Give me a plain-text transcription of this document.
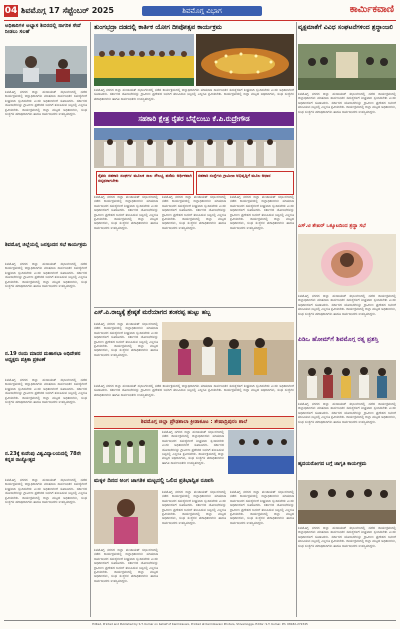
04 ಶಿವಮೊಗ್ಗ 17 ಸೆಪ್ಟೆಂಬರ್ 2025	ಶಿವಮೊಗ್ಗ ವಿಭಾಗ	ಕಾರ್ಮಿಕವಾಣಿ
ಅಧಿಕಾರಿಗಳ ಅಭ್ಯಾಸ ಶಿಬಿರದಲ್ಲಿ ನಾಗರಿಕ ಸೇವೆ ನೀಡಲು ಸಲಹೆ
ಶಿವಮೊಗ್ಗ ನಗರದ ಜಿಲ್ಲಾ ಪಂಚಾಯತ್ ಸಭಾಂಗಣದಲ್ಲಿ ನಡೆದ ಕಾರ್ಯಕ್ರಮದಲ್ಲಿ ಜಿಲ್ಲಾಧಿಕಾರಿಗಳು ಮಾತನಾಡಿ ಸಾರ್ವಜನಿಕರ ಸಮಸ್ಯೆಗಳಿಗೆ ಶೀಘ್ರವಾಗಿ ಸ್ಪಂದಿಸಬೇಕು ಎಂದು ಅಧಿಕಾರಿಗಳಿಗೆ ಸೂಚಿಸಿದರು. ಸರ್ಕಾರದ ಯೋಜನೆಗಳನ್ನು ಗ್ರಾಮೀಣ ಪ್ರದೇಶದ ಜನರಿಗೆ ತಲುಪಿಸುವ ನಿಟ್ಟಿನಲ್ಲಿ ಎಲ್ಲರೂ ಶ್ರಮಿಸಬೇಕು. ಕಾರ್ಯಕ್ರಮದಲ್ಲಿ ಜಿಲ್ಲಾ ಮಟ್ಟದ ಅಧಿಕಾರಿಗಳು, ಸಂಘ ಸಂಸ್ಥೆಗಳ ಪದಾಧಿಕಾರಿಗಳು ಹಾಗೂ ಸಾರ್ವಜನಿಕರು ಉಪಸ್ಥಿತರಿದ್ದರು.
ಶಿವಮೊಗ್ಗ ಜಿಲ್ಲೆಯಲ್ಲಿ ಜನಸ್ಪಂದನ ಸಭೆ ಕಾರ್ಯಕ್ರಮ
ಶಿವಮೊಗ್ಗ ನಗರದ ಜಿಲ್ಲಾ ಪಂಚಾಯತ್ ಸಭಾಂಗಣದಲ್ಲಿ ನಡೆದ ಕಾರ್ಯಕ್ರಮದಲ್ಲಿ ಜಿಲ್ಲಾಧಿಕಾರಿಗಳು ಮಾತನಾಡಿ ಸಾರ್ವಜನಿಕರ ಸಮಸ್ಯೆಗಳಿಗೆ ಶೀಘ್ರವಾಗಿ ಸ್ಪಂದಿಸಬೇಕು ಎಂದು ಅಧಿಕಾರಿಗಳಿಗೆ ಸೂಚಿಸಿದರು. ಸರ್ಕಾರದ ಯೋಜನೆಗಳನ್ನು ಗ್ರಾಮೀಣ ಪ್ರದೇಶದ ಜನರಿಗೆ ತಲುಪಿಸುವ ನಿಟ್ಟಿನಲ್ಲಿ ಎಲ್ಲರೂ ಶ್ರಮಿಸಬೇಕು. ಕಾರ್ಯಕ್ರಮದಲ್ಲಿ ಜಿಲ್ಲಾ ಮಟ್ಟದ ಅಧಿಕಾರಿಗಳು, ಸಂಘ ಸಂಸ್ಥೆಗಳ ಪದಾಧಿಕಾರಿಗಳು ಹಾಗೂ ಸಾರ್ವಜನಿಕರು ಉಪಸ್ಥಿತರಿದ್ದರು.
ನ.19 ರಂದು ಮಾದರ ಮಹಾಸಭಾ ಅಧಿವೇಶನ ಅಧ್ಯಕ್ಷರು ಪತ್ರಿಕಾ ಪ್ರಕಟಣೆ
ಶಿವಮೊಗ್ಗ ನಗರದ ಜಿಲ್ಲಾ ಪಂಚಾಯತ್ ಸಭಾಂಗಣದಲ್ಲಿ ನಡೆದ ಕಾರ್ಯಕ್ರಮದಲ್ಲಿ ಜಿಲ್ಲಾಧಿಕಾರಿಗಳು ಮಾತನಾಡಿ ಸಾರ್ವಜನಿಕರ ಸಮಸ್ಯೆಗಳಿಗೆ ಶೀಘ್ರವಾಗಿ ಸ್ಪಂದಿಸಬೇಕು ಎಂದು ಅಧಿಕಾರಿಗಳಿಗೆ ಸೂಚಿಸಿದರು. ಸರ್ಕಾರದ ಯೋಜನೆಗಳನ್ನು ಗ್ರಾಮೀಣ ಪ್ರದೇಶದ ಜನರಿಗೆ ತಲುಪಿಸುವ ನಿಟ್ಟಿನಲ್ಲಿ ಎಲ್ಲರೂ ಶ್ರಮಿಸಬೇಕು. ಕಾರ್ಯಕ್ರಮದಲ್ಲಿ ಜಿಲ್ಲಾ ಮಟ್ಟದ ಅಧಿಕಾರಿಗಳು, ಸಂಘ ಸಂಸ್ಥೆಗಳ ಪದಾಧಿಕಾರಿಗಳು ಹಾಗೂ ಸಾರ್ವಜನಿಕರು ಉಪಸ್ಥಿತರಿದ್ದರು.
ನ.23ಕ್ಕೆ ಕುವೆಂಪು ವಿಶ್ವವಿದ್ಯಾಲಯದಲ್ಲಿ 78ನೇ ಕನ್ನಡ ರಾಜ್ಯೋತ್ಸವ
ಶಿವಮೊಗ್ಗ ನಗರದ ಜಿಲ್ಲಾ ಪಂಚಾಯತ್ ಸಭಾಂಗಣದಲ್ಲಿ ನಡೆದ ಕಾರ್ಯಕ್ರಮದಲ್ಲಿ ಜಿಲ್ಲಾಧಿಕಾರಿಗಳು ಮಾತನಾಡಿ ಸಾರ್ವಜನಿಕರ ಸಮಸ್ಯೆಗಳಿಗೆ ಶೀಘ್ರವಾಗಿ ಸ್ಪಂದಿಸಬೇಕು ಎಂದು ಅಧಿಕಾರಿಗಳಿಗೆ ಸೂಚಿಸಿದರು. ಸರ್ಕಾರದ ಯೋಜನೆಗಳನ್ನು ಗ್ರಾಮೀಣ ಪ್ರದೇಶದ ಜನರಿಗೆ ತಲುಪಿಸುವ ನಿಟ್ಟಿನಲ್ಲಿ ಎಲ್ಲರೂ ಶ್ರಮಿಸಬೇಕು. ಕಾರ್ಯಕ್ರಮದಲ್ಲಿ ಜಿಲ್ಲಾ ಮಟ್ಟದ ಅಧಿಕಾರಿಗಳು, ಸಂಘ ಸಂಸ್ಥೆಗಳ ಪದಾಧಿಕಾರಿಗಳು ಹಾಗೂ ಸಾರ್ವಜನಿಕರು ಉಪಸ್ಥಿತರಿದ್ದರು.
ತುಂಗಭದ್ರಾ ದಡದಲ್ಲಿ ಕಾರ್ತಿಕ ಯೋಗ ದೀಪೋತ್ಸವ ಕಾರ್ಯಕ್ರಮ
ಶಿವಮೊಗ್ಗ ನಗರದ ಜಿಲ್ಲಾ ಪಂಚಾಯತ್ ಸಭಾಂಗಣದಲ್ಲಿ ನಡೆದ ಕಾರ್ಯಕ್ರಮದಲ್ಲಿ ಜಿಲ್ಲಾಧಿಕಾರಿಗಳು ಮಾತನಾಡಿ ಸಾರ್ವಜನಿಕರ ಸಮಸ್ಯೆಗಳಿಗೆ ಶೀಘ್ರವಾಗಿ ಸ್ಪಂದಿಸಬೇಕು ಎಂದು ಅಧಿಕಾರಿಗಳಿಗೆ ಸೂಚಿಸಿದರು. ಸರ್ಕಾರದ ಯೋಜನೆಗಳನ್ನು ಗ್ರಾಮೀಣ ಪ್ರದೇಶದ ಜನರಿಗೆ ತಲುಪಿಸುವ ನಿಟ್ಟಿನಲ್ಲಿ ಎಲ್ಲರೂ ಶ್ರಮಿಸಬೇಕು. ಕಾರ್ಯಕ್ರಮದಲ್ಲಿ ಜಿಲ್ಲಾ ಮಟ್ಟದ ಅಧಿಕಾರಿಗಳು, ಸಂಘ ಸಂಸ್ಥೆಗಳ ಪದಾಧಿಕಾರಿಗಳು ಹಾಗೂ ಸಾರ್ವಜನಿಕರು ಉಪಸ್ಥಿತರಿದ್ದರು.
ವೃಕ್ಷಮಾತೆಗೆ ವಿವಿಧ ಸಂಘಟನೆಗಳಿಂದ ಶ್ರದ್ಧಾಂಜಲಿ
ಶಿವಮೊಗ್ಗ ನಗರದ ಜಿಲ್ಲಾ ಪಂಚಾಯತ್ ಸಭಾಂಗಣದಲ್ಲಿ ನಡೆದ ಕಾರ್ಯಕ್ರಮದಲ್ಲಿ ಜಿಲ್ಲಾಧಿಕಾರಿಗಳು ಮಾತನಾಡಿ ಸಾರ್ವಜನಿಕರ ಸಮಸ್ಯೆಗಳಿಗೆ ಶೀಘ್ರವಾಗಿ ಸ್ಪಂದಿಸಬೇಕು ಎಂದು ಅಧಿಕಾರಿಗಳಿಗೆ ಸೂಚಿಸಿದರು. ಸರ್ಕಾರದ ಯೋಜನೆಗಳನ್ನು ಗ್ರಾಮೀಣ ಪ್ರದೇಶದ ಜನರಿಗೆ ತಲುಪಿಸುವ ನಿಟ್ಟಿನಲ್ಲಿ ಎಲ್ಲರೂ ಶ್ರಮಿಸಬೇಕು. ಕಾರ್ಯಕ್ರಮದಲ್ಲಿ ಜಿಲ್ಲಾ ಮಟ್ಟದ ಅಧಿಕಾರಿಗಳು, ಸಂಘ ಸಂಸ್ಥೆಗಳ ಪದಾಧಿಕಾರಿಗಳು ಹಾಗೂ ಸಾರ್ವಜನಿಕರು ಉಪಸ್ಥಿತರಿದ್ದರು.
ಸಹಕಾರಿ ಕ್ಷೇತ್ರ ರೈತರ ಬೆನ್ನೆಲುಬು ಕೆ.ಪಿ.ರುದ್ರೇಗೌಡ
ರೈತರು ಸಹಕಾರಿ ಸಂಘಗಳ ಮೂಲಕ ಸಾಲ ಸೌಲಭ್ಯ ಪಡೆದು ಆರ್ಥಿಕವಾಗಿ ಸದೃಢರಾಗಬೇಕು
ಸಹಕಾರಿ ಸಂಸ್ಥೆಗಳು ಗ್ರಾಮೀಣ ಅಭಿವೃದ್ಧಿಗೆ ಮೂಲ ಆಧಾರ
ಶಿವಮೊಗ್ಗ ನಗರದ ಜಿಲ್ಲಾ ಪಂಚಾಯತ್ ಸಭಾಂಗಣದಲ್ಲಿ ನಡೆದ ಕಾರ್ಯಕ್ರಮದಲ್ಲಿ ಜಿಲ್ಲಾಧಿಕಾರಿಗಳು ಮಾತನಾಡಿ ಸಾರ್ವಜನಿಕರ ಸಮಸ್ಯೆಗಳಿಗೆ ಶೀಘ್ರವಾಗಿ ಸ್ಪಂದಿಸಬೇಕು ಎಂದು ಅಧಿಕಾರಿಗಳಿಗೆ ಸೂಚಿಸಿದರು. ಸರ್ಕಾರದ ಯೋಜನೆಗಳನ್ನು ಗ್ರಾಮೀಣ ಪ್ರದೇಶದ ಜನರಿಗೆ ತಲುಪಿಸುವ ನಿಟ್ಟಿನಲ್ಲಿ ಎಲ್ಲರೂ ಶ್ರಮಿಸಬೇಕು. ಕಾರ್ಯಕ್ರಮದಲ್ಲಿ ಜಿಲ್ಲಾ ಮಟ್ಟದ ಅಧಿಕಾರಿಗಳು, ಸಂಘ ಸಂಸ್ಥೆಗಳ ಪದಾಧಿಕಾರಿಗಳು ಹಾಗೂ ಸಾರ್ವಜನಿಕರು ಉಪಸ್ಥಿತರಿದ್ದರು.
ಶಿವಮೊಗ್ಗ ನಗರದ ಜಿಲ್ಲಾ ಪಂಚಾಯತ್ ಸಭಾಂಗಣದಲ್ಲಿ ನಡೆದ ಕಾರ್ಯಕ್ರಮದಲ್ಲಿ ಜಿಲ್ಲಾಧಿಕಾರಿಗಳು ಮಾತನಾಡಿ ಸಾರ್ವಜನಿಕರ ಸಮಸ್ಯೆಗಳಿಗೆ ಶೀಘ್ರವಾಗಿ ಸ್ಪಂದಿಸಬೇಕು ಎಂದು ಅಧಿಕಾರಿಗಳಿಗೆ ಸೂಚಿಸಿದರು. ಸರ್ಕಾರದ ಯೋಜನೆಗಳನ್ನು ಗ್ರಾಮೀಣ ಪ್ರದೇಶದ ಜನರಿಗೆ ತಲುಪಿಸುವ ನಿಟ್ಟಿನಲ್ಲಿ ಎಲ್ಲರೂ ಶ್ರಮಿಸಬೇಕು. ಕಾರ್ಯಕ್ರಮದಲ್ಲಿ ಜಿಲ್ಲಾ ಮಟ್ಟದ ಅಧಿಕಾರಿಗಳು, ಸಂಘ ಸಂಸ್ಥೆಗಳ ಪದಾಧಿಕಾರಿಗಳು ಹಾಗೂ ಸಾರ್ವಜನಿಕರು ಉಪಸ್ಥಿತರಿದ್ದರು.
ಶಿವಮೊಗ್ಗ ನಗರದ ಜಿಲ್ಲಾ ಪಂಚಾಯತ್ ಸಭಾಂಗಣದಲ್ಲಿ ನಡೆದ ಕಾರ್ಯಕ್ರಮದಲ್ಲಿ ಜಿಲ್ಲಾಧಿಕಾರಿಗಳು ಮಾತನಾಡಿ ಸಾರ್ವಜನಿಕರ ಸಮಸ್ಯೆಗಳಿಗೆ ಶೀಘ್ರವಾಗಿ ಸ್ಪಂದಿಸಬೇಕು ಎಂದು ಅಧಿಕಾರಿಗಳಿಗೆ ಸೂಚಿಸಿದರು. ಸರ್ಕಾರದ ಯೋಜನೆಗಳನ್ನು ಗ್ರಾಮೀಣ ಪ್ರದೇಶದ ಜನರಿಗೆ ತಲುಪಿಸುವ ನಿಟ್ಟಿನಲ್ಲಿ ಎಲ್ಲರೂ ಶ್ರಮಿಸಬೇಕು. ಕಾರ್ಯಕ್ರಮದಲ್ಲಿ ಜಿಲ್ಲಾ ಮಟ್ಟದ ಅಧಿಕಾರಿಗಳು, ಸಂಘ ಸಂಸ್ಥೆಗಳ ಪದಾಧಿಕಾರಿಗಳು ಹಾಗೂ ಸಾರ್ವಜನಿಕರು ಉಪಸ್ಥಿತರಿದ್ದರು.
ಎಸ್.ಪಿ.ರಾಜ್ಯಕ್ಕೆ ಶ್ರೇಷ್ಠತೆ ಮರೆಯಾಗದ ಶಂಕರಪ್ಪ ಹುಟ್ಟು ಹಬ್ಬ
ಶಿವಮೊಗ್ಗ ನಗರದ ಜಿಲ್ಲಾ ಪಂಚಾಯತ್ ಸಭಾಂಗಣದಲ್ಲಿ ನಡೆದ ಕಾರ್ಯಕ್ರಮದಲ್ಲಿ ಜಿಲ್ಲಾಧಿಕಾರಿಗಳು ಮಾತನಾಡಿ ಸಾರ್ವಜನಿಕರ ಸಮಸ್ಯೆಗಳಿಗೆ ಶೀಘ್ರವಾಗಿ ಸ್ಪಂದಿಸಬೇಕು ಎಂದು ಅಧಿಕಾರಿಗಳಿಗೆ ಸೂಚಿಸಿದರು. ಸರ್ಕಾರದ ಯೋಜನೆಗಳನ್ನು ಗ್ರಾಮೀಣ ಪ್ರದೇಶದ ಜನರಿಗೆ ತಲುಪಿಸುವ ನಿಟ್ಟಿನಲ್ಲಿ ಎಲ್ಲರೂ ಶ್ರಮಿಸಬೇಕು. ಕಾರ್ಯಕ್ರಮದಲ್ಲಿ ಜಿಲ್ಲಾ ಮಟ್ಟದ ಅಧಿಕಾರಿಗಳು, ಸಂಘ ಸಂಸ್ಥೆಗಳ ಪದಾಧಿಕಾರಿಗಳು ಹಾಗೂ ಸಾರ್ವಜನಿಕರು ಉಪಸ್ಥಿತರಿದ್ದರು.
ಶಿವಮೊಗ್ಗ ನಗರದ ಜಿಲ್ಲಾ ಪಂಚಾಯತ್ ಸಭಾಂಗಣದಲ್ಲಿ ನಡೆದ ಕಾರ್ಯಕ್ರಮದಲ್ಲಿ ಜಿಲ್ಲಾಧಿಕಾರಿಗಳು ಮಾತನಾಡಿ ಸಾರ್ವಜನಿಕರ ಸಮಸ್ಯೆಗಳಿಗೆ ಶೀಘ್ರವಾಗಿ ಸ್ಪಂದಿಸಬೇಕು ಎಂದು ಅಧಿಕಾರಿಗಳಿಗೆ ಸೂಚಿಸಿದರು. ಸರ್ಕಾರದ ಯೋಜನೆಗಳನ್ನು ಗ್ರಾಮೀಣ ಪ್ರದೇಶದ ಜನರಿಗೆ ತಲುಪಿಸುವ ನಿಟ್ಟಿನಲ್ಲಿ ಎಲ್ಲರೂ ಶ್ರಮಿಸಬೇಕು. ಕಾರ್ಯಕ್ರಮದಲ್ಲಿ ಜಿಲ್ಲಾ ಮಟ್ಟದ ಅಧಿಕಾರಿಗಳು, ಸಂಘ ಸಂಸ್ಥೆಗಳ ಪದಾಧಿಕಾರಿಗಳು ಹಾಗೂ ಸಾರ್ವಜನಿಕರು ಉಪಸ್ಥಿತರಿದ್ದರು.
ಎಸ್.ಟಿ ಶೇಖರ್ ಒಕ್ಕೂಟದಿಂದ ಶ್ರದ್ಧಾ ಸಭೆ
ಶಿವಮೊಗ್ಗ ನಗರದ ಜಿಲ್ಲಾ ಪಂಚಾಯತ್ ಸಭಾಂಗಣದಲ್ಲಿ ನಡೆದ ಕಾರ್ಯಕ್ರಮದಲ್ಲಿ ಜಿಲ್ಲಾಧಿಕಾರಿಗಳು ಮಾತನಾಡಿ ಸಾರ್ವಜನಿಕರ ಸಮಸ್ಯೆಗಳಿಗೆ ಶೀಘ್ರವಾಗಿ ಸ್ಪಂದಿಸಬೇಕು ಎಂದು ಅಧಿಕಾರಿಗಳಿಗೆ ಸೂಚಿಸಿದರು. ಸರ್ಕಾರದ ಯೋಜನೆಗಳನ್ನು ಗ್ರಾಮೀಣ ಪ್ರದೇಶದ ಜನರಿಗೆ ತಲುಪಿಸುವ ನಿಟ್ಟಿನಲ್ಲಿ ಎಲ್ಲರೂ ಶ್ರಮಿಸಬೇಕು. ಕಾರ್ಯಕ್ರಮದಲ್ಲಿ ಜಿಲ್ಲಾ ಮಟ್ಟದ ಅಧಿಕಾರಿಗಳು, ಸಂಘ ಸಂಸ್ಥೆಗಳ ಪದಾಧಿಕಾರಿಗಳು ಹಾಗೂ ಸಾರ್ವಜನಿಕರು ಉಪಸ್ಥಿತರಿದ್ದರು.
ಪಿಡಿಒ ಹೋಮ್‌ಗೆ ಶಿವಮೊಗ್ಗ ರತ್ನ ಪ್ರಶಸ್ತಿ
ಶಿವಮೊಗ್ಗ ನಗರದ ಜಿಲ್ಲಾ ಪಂಚಾಯತ್ ಸಭಾಂಗಣದಲ್ಲಿ ನಡೆದ ಕಾರ್ಯಕ್ರಮದಲ್ಲಿ ಜಿಲ್ಲಾಧಿಕಾರಿಗಳು ಮಾತನಾಡಿ ಸಾರ್ವಜನಿಕರ ಸಮಸ್ಯೆಗಳಿಗೆ ಶೀಘ್ರವಾಗಿ ಸ್ಪಂದಿಸಬೇಕು ಎಂದು ಅಧಿಕಾರಿಗಳಿಗೆ ಸೂಚಿಸಿದರು. ಸರ್ಕಾರದ ಯೋಜನೆಗಳನ್ನು ಗ್ರಾಮೀಣ ಪ್ರದೇಶದ ಜನರಿಗೆ ತಲುಪಿಸುವ ನಿಟ್ಟಿನಲ್ಲಿ ಎಲ್ಲರೂ ಶ್ರಮಿಸಬೇಕು. ಕಾರ್ಯಕ್ರಮದಲ್ಲಿ ಜಿಲ್ಲಾ ಮಟ್ಟದ ಅಧಿಕಾರಿಗಳು, ಸಂಘ ಸಂಸ್ಥೆಗಳ ಪದಾಧಿಕಾರಿಗಳು ಹಾಗೂ ಸಾರ್ವಜನಿಕರು ಉಪಸ್ಥಿತರಿದ್ದರು.
ಶಿವಮೊಗ್ಗ ಜಿಲ್ಲಾ ಪ್ರೌಢಶಾಲಾ ಕ್ರೀಡಾಕೂಟ : ಶೇಷಾದ್ರಿಪುರಂ ಶಾಲೆ
ಶಿವಮೊಗ್ಗ ನಗರದ ಜಿಲ್ಲಾ ಪಂಚಾಯತ್ ಸಭಾಂಗಣದಲ್ಲಿ ನಡೆದ ಕಾರ್ಯಕ್ರಮದಲ್ಲಿ ಜಿಲ್ಲಾಧಿಕಾರಿಗಳು ಮಾತನಾಡಿ ಸಾರ್ವಜನಿಕರ ಸಮಸ್ಯೆಗಳಿಗೆ ಶೀಘ್ರವಾಗಿ ಸ್ಪಂದಿಸಬೇಕು ಎಂದು ಅಧಿಕಾರಿಗಳಿಗೆ ಸೂಚಿಸಿದರು. ಸರ್ಕಾರದ ಯೋಜನೆಗಳನ್ನು ಗ್ರಾಮೀಣ ಪ್ರದೇಶದ ಜನರಿಗೆ ತಲುಪಿಸುವ ನಿಟ್ಟಿನಲ್ಲಿ ಎಲ್ಲರೂ ಶ್ರಮಿಸಬೇಕು. ಕಾರ್ಯಕ್ರಮದಲ್ಲಿ ಜಿಲ್ಲಾ ಮಟ್ಟದ ಅಧಿಕಾರಿಗಳು, ಸಂಘ ಸಂಸ್ಥೆಗಳ ಪದಾಧಿಕಾರಿಗಳು ಹಾಗೂ ಸಾರ್ವಜನಿಕರು ಉಪಸ್ಥಿತರಿದ್ದರು.
ಮಕ್ಕಳ ದಿನದ ಅಂಗ ಜಾಗತಿಕ ಮಟ್ಟದಲ್ಲಿ ಒಲಿದ ಪ್ರತಿಭಾನ್ವಿತ ರೂಪಸಿ
ಶಿವಮೊಗ್ಗ ನಗರದ ಜಿಲ್ಲಾ ಪಂಚಾಯತ್ ಸಭಾಂಗಣದಲ್ಲಿ ನಡೆದ ಕಾರ್ಯಕ್ರಮದಲ್ಲಿ ಜಿಲ್ಲಾಧಿಕಾರಿಗಳು ಮಾತನಾಡಿ ಸಾರ್ವಜನಿಕರ ಸಮಸ್ಯೆಗಳಿಗೆ ಶೀಘ್ರವಾಗಿ ಸ್ಪಂದಿಸಬೇಕು ಎಂದು ಅಧಿಕಾರಿಗಳಿಗೆ ಸೂಚಿಸಿದರು. ಸರ್ಕಾರದ ಯೋಜನೆಗಳನ್ನು ಗ್ರಾಮೀಣ ಪ್ರದೇಶದ ಜನರಿಗೆ ತಲುಪಿಸುವ ನಿಟ್ಟಿನಲ್ಲಿ ಎಲ್ಲರೂ ಶ್ರಮಿಸಬೇಕು. ಕಾರ್ಯಕ್ರಮದಲ್ಲಿ ಜಿಲ್ಲಾ ಮಟ್ಟದ ಅಧಿಕಾರಿಗಳು, ಸಂಘ ಸಂಸ್ಥೆಗಳ ಪದಾಧಿಕಾರಿಗಳು ಹಾಗೂ ಸಾರ್ವಜನಿಕರು ಉಪಸ್ಥಿತರಿದ್ದರು.
ಶಿವಮೊಗ್ಗ ನಗರದ ಜಿಲ್ಲಾ ಪಂಚಾಯತ್ ಸಭಾಂಗಣದಲ್ಲಿ ನಡೆದ ಕಾರ್ಯಕ್ರಮದಲ್ಲಿ ಜಿಲ್ಲಾಧಿಕಾರಿಗಳು ಮಾತನಾಡಿ ಸಾರ್ವಜನಿಕರ ಸಮಸ್ಯೆಗಳಿಗೆ ಶೀಘ್ರವಾಗಿ ಸ್ಪಂದಿಸಬೇಕು ಎಂದು ಅಧಿಕಾರಿಗಳಿಗೆ ಸೂಚಿಸಿದರು. ಸರ್ಕಾರದ ಯೋಜನೆಗಳನ್ನು ಗ್ರಾಮೀಣ ಪ್ರದೇಶದ ಜನರಿಗೆ ತಲುಪಿಸುವ ನಿಟ್ಟಿನಲ್ಲಿ ಎಲ್ಲರೂ ಶ್ರಮಿಸಬೇಕು. ಕಾರ್ಯಕ್ರಮದಲ್ಲಿ ಜಿಲ್ಲಾ ಮಟ್ಟದ ಅಧಿಕಾರಿಗಳು, ಸಂಘ ಸಂಸ್ಥೆಗಳ ಪದಾಧಿಕಾರಿಗಳು ಹಾಗೂ ಸಾರ್ವಜನಿಕರು ಉಪಸ್ಥಿತರಿದ್ದರು.
ಶಿವಮೊಗ್ಗ ನಗರದ ಜಿಲ್ಲಾ ಪಂಚಾಯತ್ ಸಭಾಂಗಣದಲ್ಲಿ ನಡೆದ ಕಾರ್ಯಕ್ರಮದಲ್ಲಿ ಜಿಲ್ಲಾಧಿಕಾರಿಗಳು ಮಾತನಾಡಿ ಸಾರ್ವಜನಿಕರ ಸಮಸ್ಯೆಗಳಿಗೆ ಶೀಘ್ರವಾಗಿ ಸ್ಪಂದಿಸಬೇಕು ಎಂದು ಅಧಿಕಾರಿಗಳಿಗೆ ಸೂಚಿಸಿದರು. ಸರ್ಕಾರದ ಯೋಜನೆಗಳನ್ನು ಗ್ರಾಮೀಣ ಪ್ರದೇಶದ ಜನರಿಗೆ ತಲುಪಿಸುವ ನಿಟ್ಟಿನಲ್ಲಿ ಎಲ್ಲರೂ ಶ್ರಮಿಸಬೇಕು. ಕಾರ್ಯಕ್ರಮದಲ್ಲಿ ಜಿಲ್ಲಾ ಮಟ್ಟದ ಅಧಿಕಾರಿಗಳು, ಸಂಘ ಸಂಸ್ಥೆಗಳ ಪದಾಧಿಕಾರಿಗಳು ಹಾಗೂ ಸಾರ್ವಜನಿಕರು ಉಪಸ್ಥಿತರಿದ್ದರು.
ಹೃದಯರೋಗದ ಬಗ್ಗೆ ಜಾಗೃತಿ ಕಾರ್ಯಕ್ರಮ
ಶಿವಮೊಗ್ಗ ನಗರದ ಜಿಲ್ಲಾ ಪಂಚಾಯತ್ ಸಭಾಂಗಣದಲ್ಲಿ ನಡೆದ ಕಾರ್ಯಕ್ರಮದಲ್ಲಿ ಜಿಲ್ಲಾಧಿಕಾರಿಗಳು ಮಾತನಾಡಿ ಸಾರ್ವಜನಿಕರ ಸಮಸ್ಯೆಗಳಿಗೆ ಶೀಘ್ರವಾಗಿ ಸ್ಪಂದಿಸಬೇಕು ಎಂದು ಅಧಿಕಾರಿಗಳಿಗೆ ಸೂಚಿಸಿದರು. ಸರ್ಕಾರದ ಯೋಜನೆಗಳನ್ನು ಗ್ರಾಮೀಣ ಪ್ರದೇಶದ ಜನರಿಗೆ ತಲುಪಿಸುವ ನಿಟ್ಟಿನಲ್ಲಿ ಎಲ್ಲರೂ ಶ್ರಮಿಸಬೇಕು. ಕಾರ್ಯಕ್ರಮದಲ್ಲಿ ಜಿಲ್ಲಾ ಮಟ್ಟದ ಅಧಿಕಾರಿಗಳು, ಸಂಘ ಸಂಸ್ಥೆಗಳ ಪದಾಧಿಕಾರಿಗಳು ಹಾಗೂ ಸಾರ್ವಜನಿಕರು ಉಪಸ್ಥಿತರಿದ್ದರು.
Edited, Printed and Published by S.T. Kumar on behalf of Karmikavani, Printed at Karmikavani Printers, Shivamogga. Editor: S.T. Kumar. Ph: 08182-272345
